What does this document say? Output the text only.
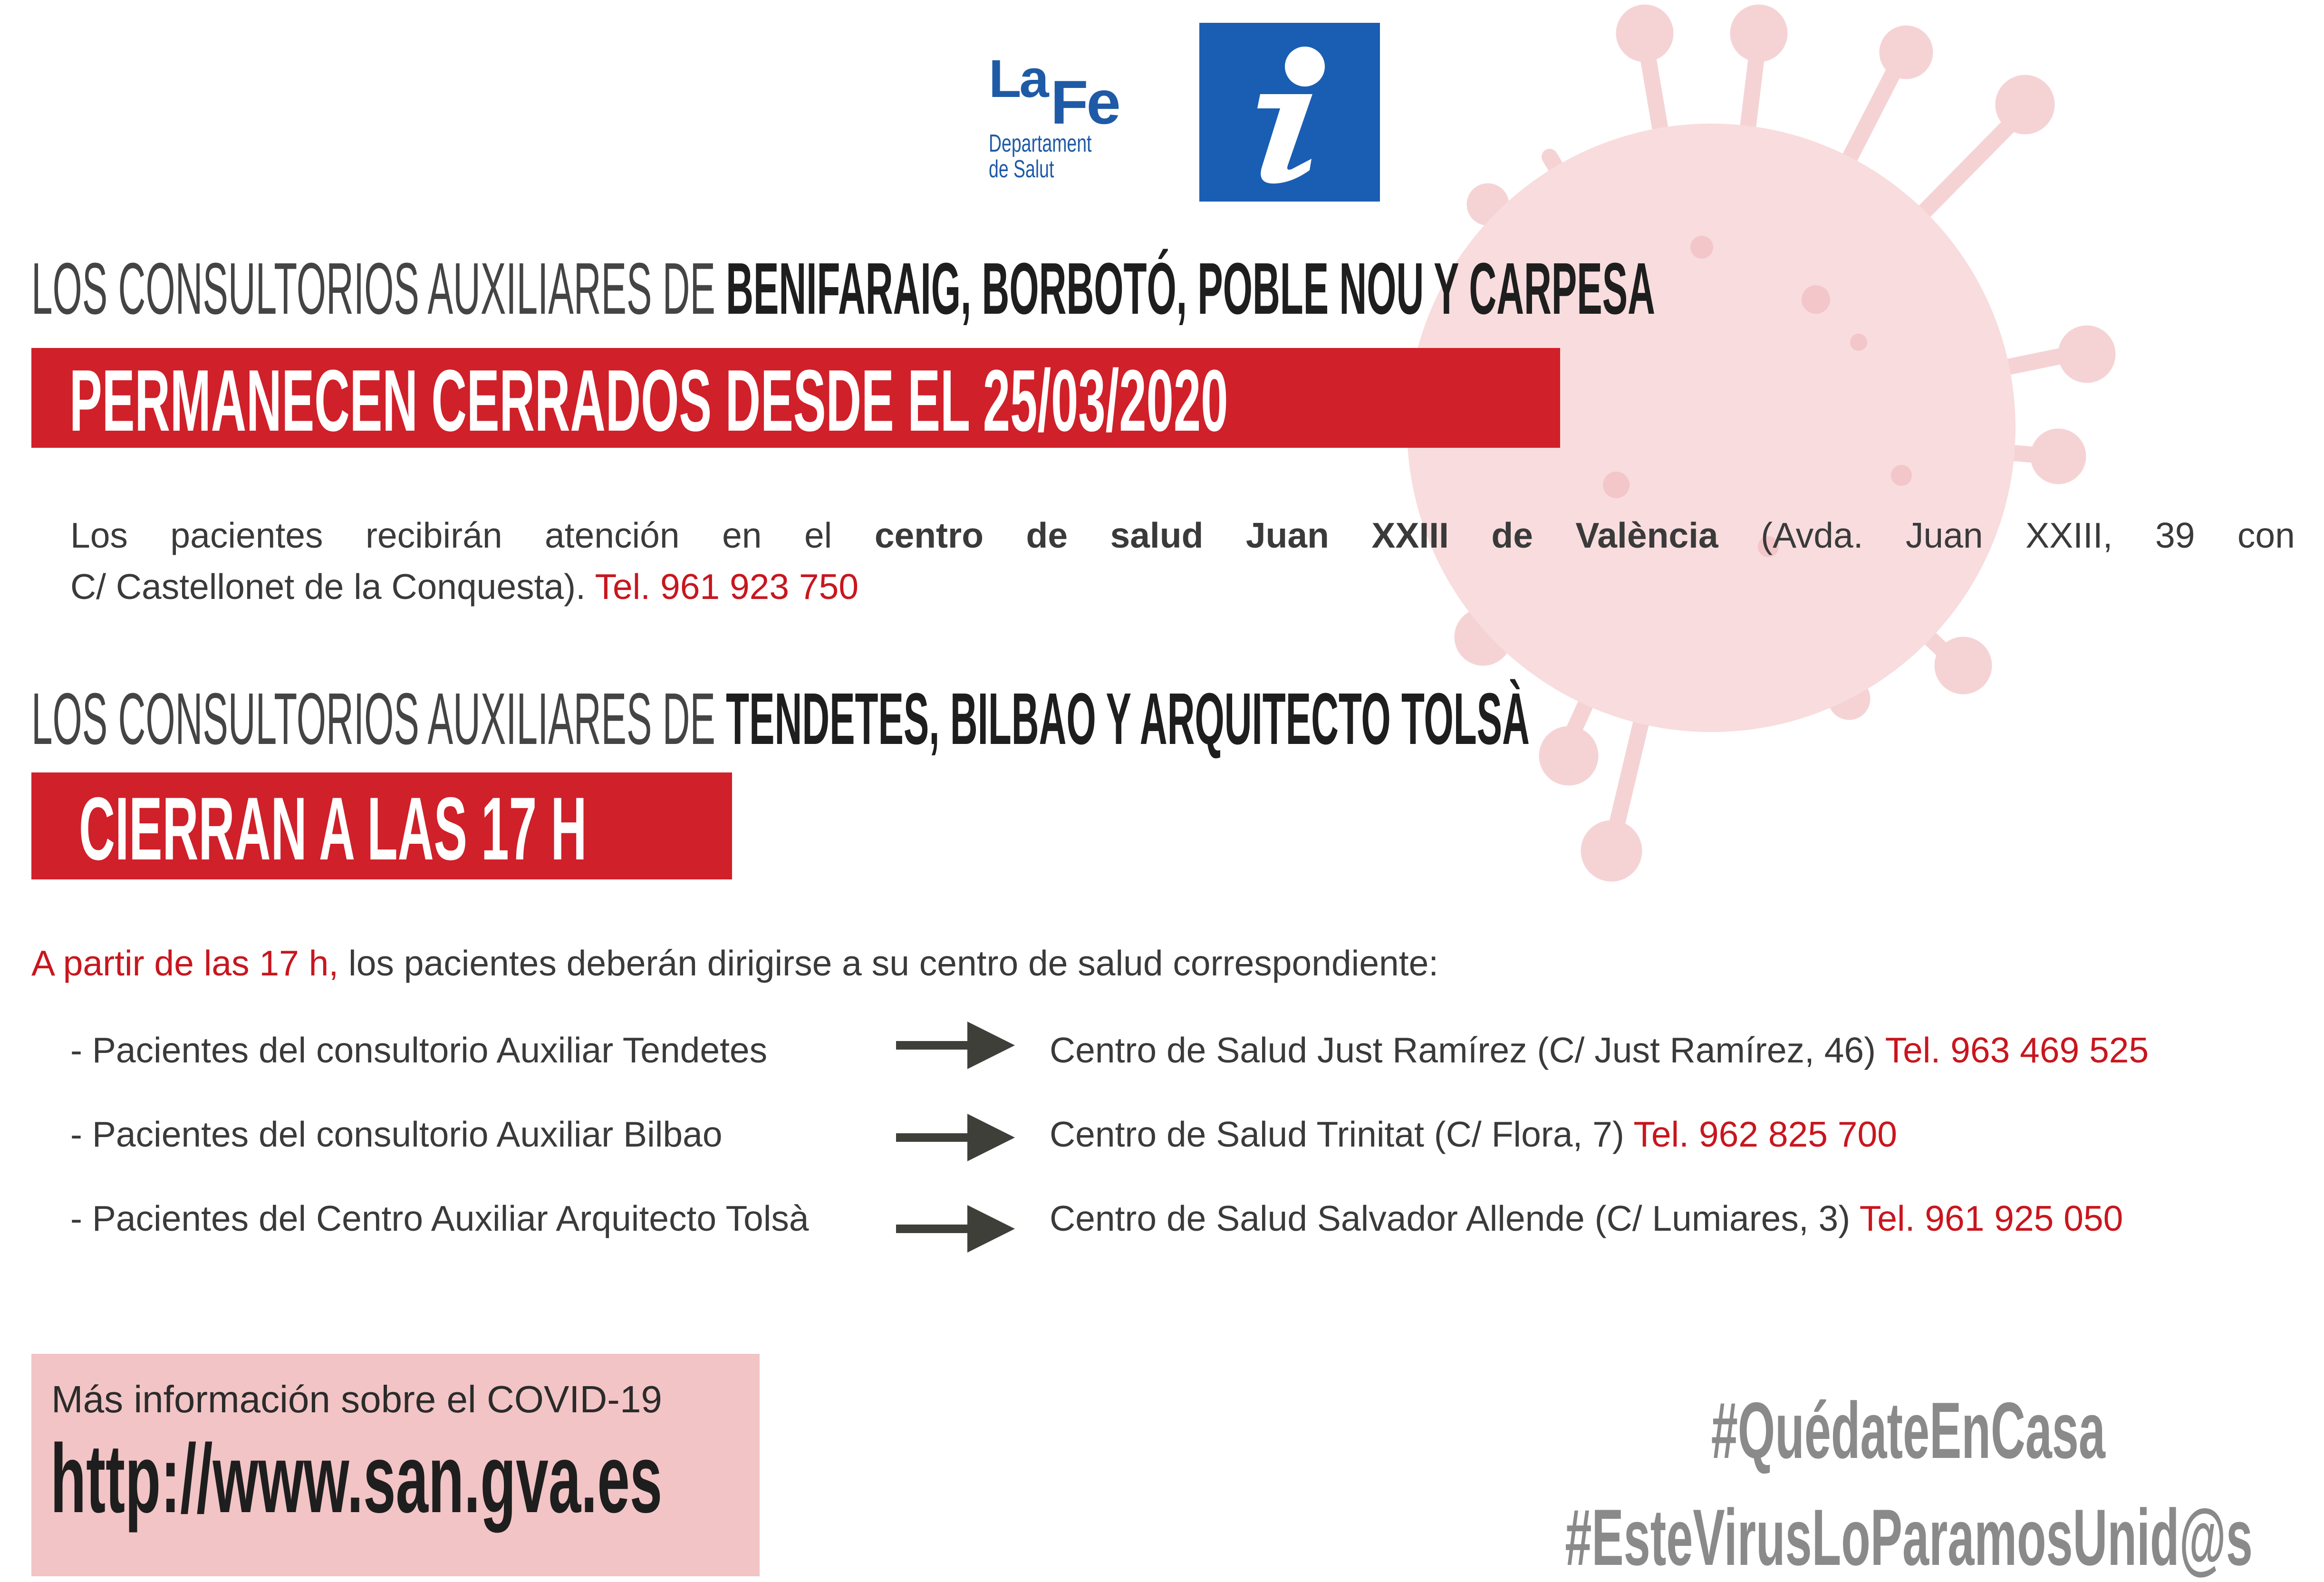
La Fe
Departament
de Salut
LOS CONSULTORIOS AUXILIARES DE BENIFARAIG, BORBOTÓ, POBLE NOU Y CARPESA
PERMANECEN CERRADOS DESDE EL 25/03/2020
Los pacientes recibirán atención en el centro de salud Juan XXIII de València (Avda. Juan XXIII, 39 con
C/ Castellonet de la Conquesta). Tel. 961 923 750
LOS CONSULTORIOS AUXILIARES DE TENDETES, BILBAO Y ARQUITECTO TOLSÀ
CIERRAN A LAS 17 H
A partir de las 17 h, los pacientes deberán dirigirse a su centro de salud correspondiente:
- Pacientes del consultorio Auxiliar Tendetes	Centro de Salud Just Ramírez (C/ Just Ramírez, 46) Tel. 963 469 525
- Pacientes del consultorio Auxiliar Bilbao	Centro de Salud Trinitat (C/ Flora, 7) Tel. 962 825 700
- Pacientes del Centro Auxiliar Arquitecto Tolsà	Centro de Salud Salvador Allende (C/ Lumiares, 3) Tel. 961 925 050
Más información sobre el COVID-19
http://www.san.gva.es	#QuédateEnCasa
#EsteVirusLoParamosUnid@s
